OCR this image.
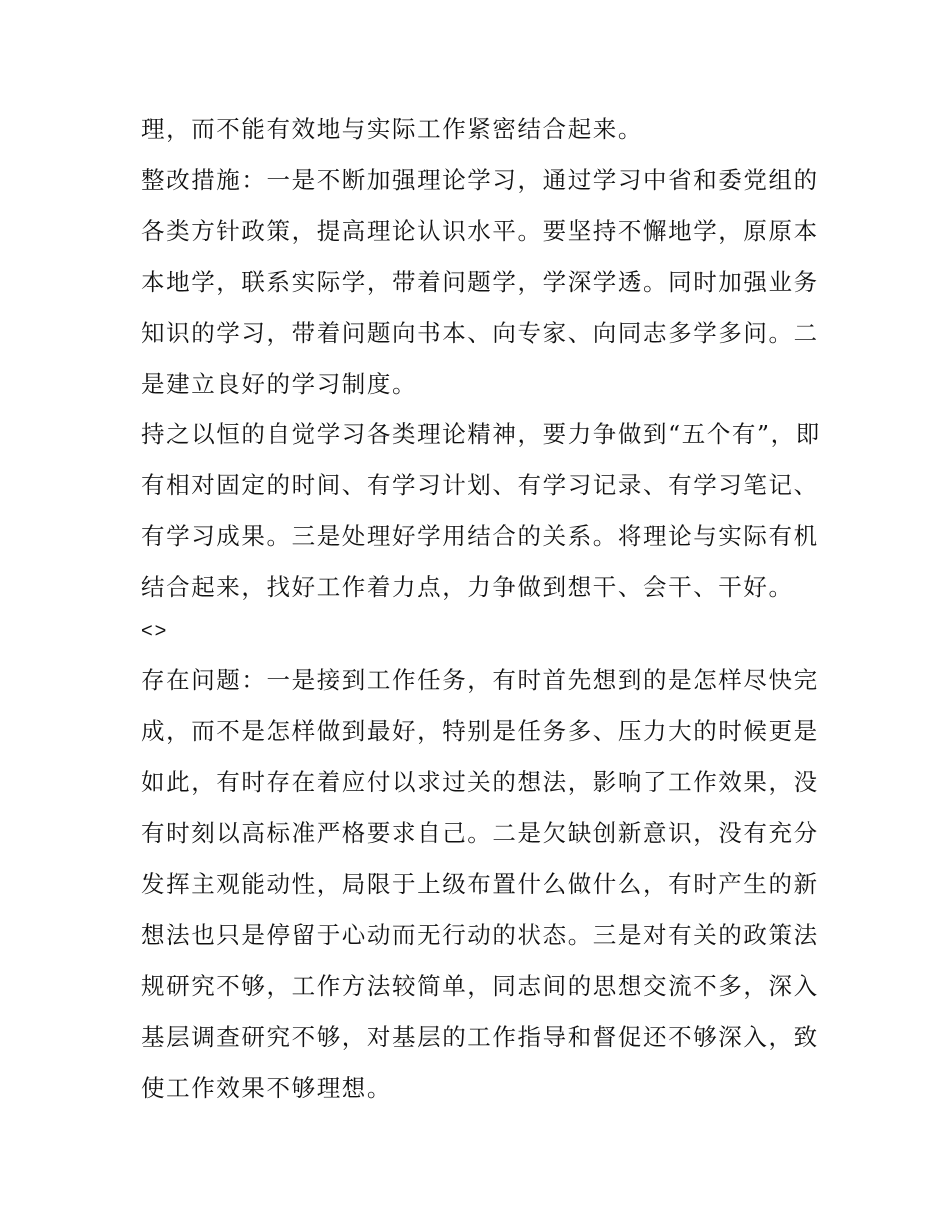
理，而不能有效地与实际工作紧密结合起来。
整改措施：一是不断加强理论学习，通过学习中省和委党组的
各类方针政策，提高理论认识水平。要坚持不懈地学，原原本
本地学，联系实际学，带着问题学，学深学透。同时加强业务
知识的学习，带着问题向书本、向专家、向同志多学多问。二
是建立良好的学习制度。
持之以恒的自觉学习各类理论精神，要力争做到“五个有”，即
有相对固定的时间、有学习计划、有学习记录、有学习笔记、
有学习成果。三是处理好学用结合的关系。将理论与实际有机
结合起来，找好工作着力点，力争做到想干、会干、干好。
<>
存在问题：一是接到工作任务，有时首先想到的是怎样尽快完
成，而不是怎样做到最好，特别是任务多、压力大的时候更是
如此，有时存在着应付以求过关的想法，影响了工作效果，没
有时刻以高标准严格要求自己。二是欠缺创新意识，没有充分
发挥主观能动性，局限于上级布置什么做什么，有时产生的新
想法也只是停留于心动而无行动的状态。三是对有关的政策法
规研究不够，工作方法较简单，同志间的思想交流不多，深入
基层调查研究不够，对基层的工作指导和督促还不够深入，致
使工作效果不够理想。
